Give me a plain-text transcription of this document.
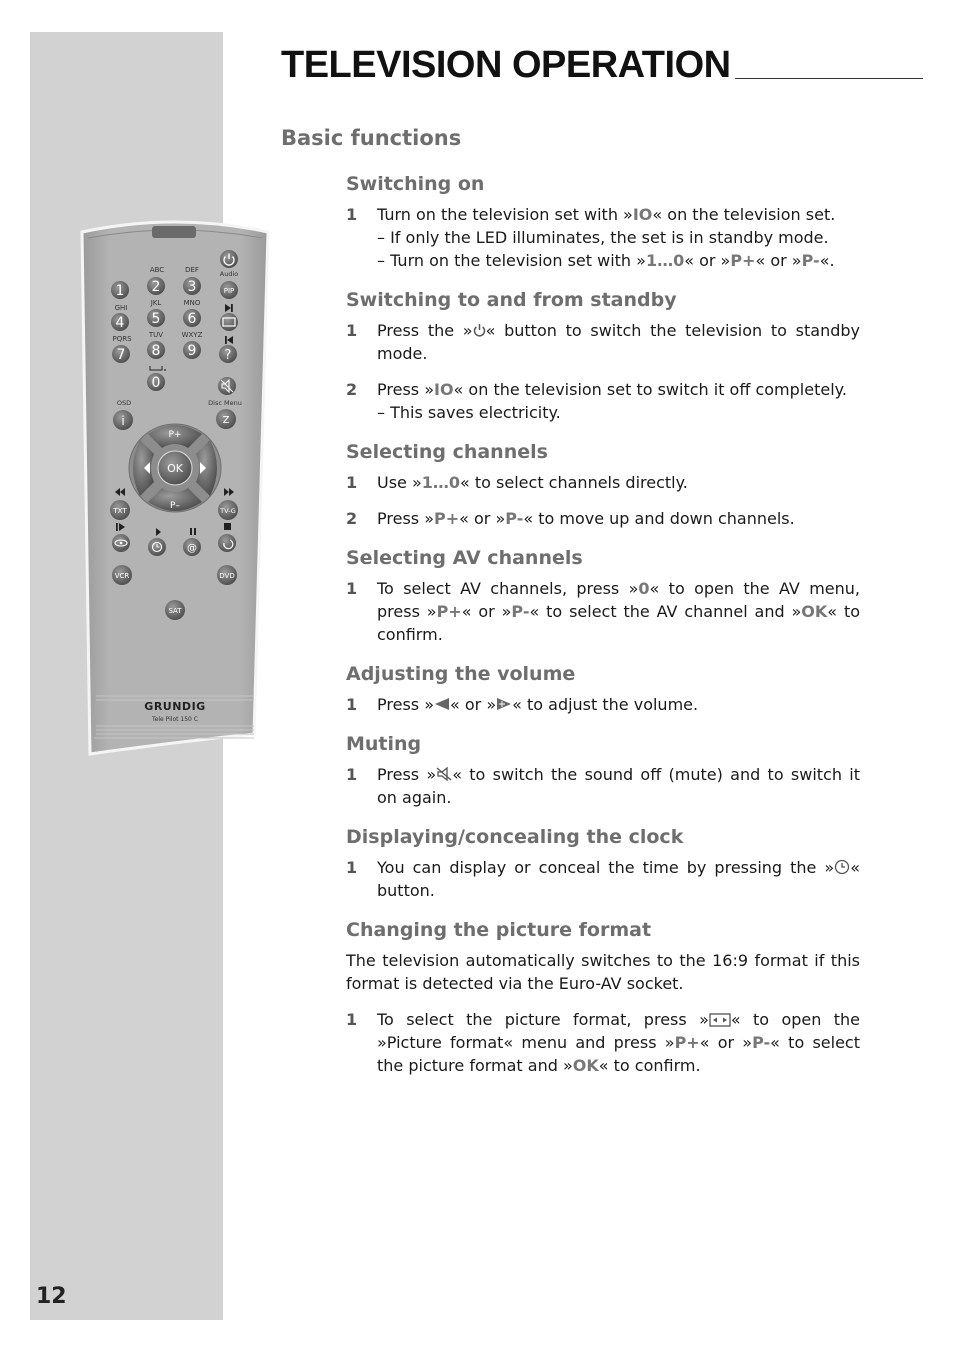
12
TELEVISION OPERATION
Basic functions
ABC	DEF	Audio
1 2 3	PIP
GHI
JKL	MNO
4 5 6
PQRS TUV	WXYZ
7 8 9 ?
0
OSD	Disc Menu
i	Z
P+
P–
OK
TXT	TV-G
@
VCR	DVD
SAT
GRUNDIG
Tele Pilot 150 C
Switching on
1	Turn on the television set with »IO« on the television set.
– If only the LED illuminates, the set is in standby mode.
– Turn on the television set with »1…0« or »P+« or »P-«.
Switching to and from standby
1	Press the » « button to switch the television to standby mode.
2	Press »IO« on the television set to switch it off completely.
– This saves electricity.
Selecting channels
1	Use »1…0« to select channels directly.
2	Press »P+« or »P-« to move up and down channels.
Selecting AV channels
1	To select AV channels, press »0« to open the AV menu, press »P+« or »P-« to select the AV channel and »OK« to confirm.
Adjusting the volume
1	Press » « or » « to adjust the volume.
Muting
1	Press » « to switch the sound off (mute) and to switch it on again.
Displaying/concealing the clock
1	You can display or conceal the time by pressing the » « button.
Changing the picture format

The television automatically switches to the 16:9 format if this format is detected via the Euro-AV socket.

1	To select the picture format, press » « to open the »Picture format« menu and press »P+« or »P-« to select the picture format and »OK« to confirm.
